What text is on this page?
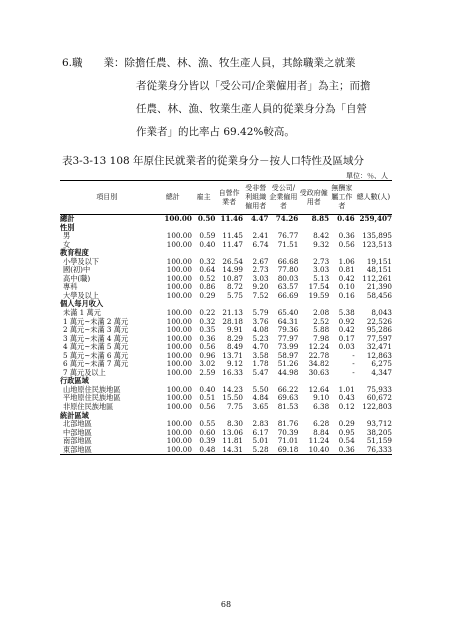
6.職　　業：除擔任農、林、漁、牧生產人員，其餘職業之就業
者從業身分皆以「受公司/企業僱用者」為主；而擔
任農、林、漁、牧業生產人員的從業身分為「自營
作業者」的比率占 69.42%較高。
表3-3-13 108 年原住民就業者的從業身分－按人口特性及區域分
單位：％、人
項目別	總計	雇主	自營作業者	受非營利組織僱用者	受公司/企業僱用者	受政府僱用者	無酬家屬工作者	總人數(人)
總計	100.00	0.50	11.46	4.47	74.26	8.85	0.46	259,407
性別								
男	100.00	0.59	11.45	2.41	76.77	8.42	0.36	135,895
女	100.00	0.40	11.47	6.74	71.51	9.32	0.56	123,513
教育程度								
小學及以下	100.00	0.32	26.54	2.67	66.68	2.73	1.06	19,151
國(初)中	100.00	0.64	14.99	2.73	77.80	3.03	0.81	48,151
高中(職)	100.00	0.52	10.87	3.03	80.03	5.13	0.42	112,261
專科	100.00	0.86	8.72	9.20	63.57	17.54	0.10	21,390
大學及以上	100.00	0.29	5.75	7.52	66.69	19.59	0.16	58,456
個人每月收入								
未滿 1 萬元	100.00	0.22	21.13	5.79	65.40	2.08	5.38	8,043
1 萬元~未滿 2 萬元	100.00	0.32	28.18	3.76	64.31	2.52	0.92	22,526
2 萬元~未滿 3 萬元	100.00	0.35	9.91	4.08	79.36	5.88	0.42	95,286
3 萬元~未滿 4 萬元	100.00	0.36	8.29	5.23	77.97	7.98	0.17	77,597
4 萬元~未滿 5 萬元	100.00	0.56	8.49	4.70	73.99	12.24	0.03	32,471
5 萬元~未滿 6 萬元	100.00	0.96	13.71	3.58	58.97	22.78	-	12,863
6 萬元~未滿 7 萬元	100.00	3.02	9.12	1.78	51.26	34.82	-	6,275
7 萬元及以上	100.00	2.59	16.33	5.47	44.98	30.63	-	4,347
行政區域								
山地原住民族地區	100.00	0.40	14.23	5.50	66.22	12.64	1.01	75,933
平地原住民族地區	100.00	0.51	15.50	4.84	69.63	9.10	0.43	60,672
非原住民族地區	100.00	0.56	7.75	3.65	81.53	6.38	0.12	122,803
統計區域								
北部地區	100.00	0.55	8.30	2.83	81.76	6.28	0.29	93,712
中部地區	100.00	0.60	13.06	6.17	70.39	8.84	0.95	38,205
南部地區	100.00	0.39	11.81	5.01	71.01	11.24	0.54	51,159
東部地區	100.00	0.48	14.31	5.28	69.18	10.40	0.36	76,333
68
